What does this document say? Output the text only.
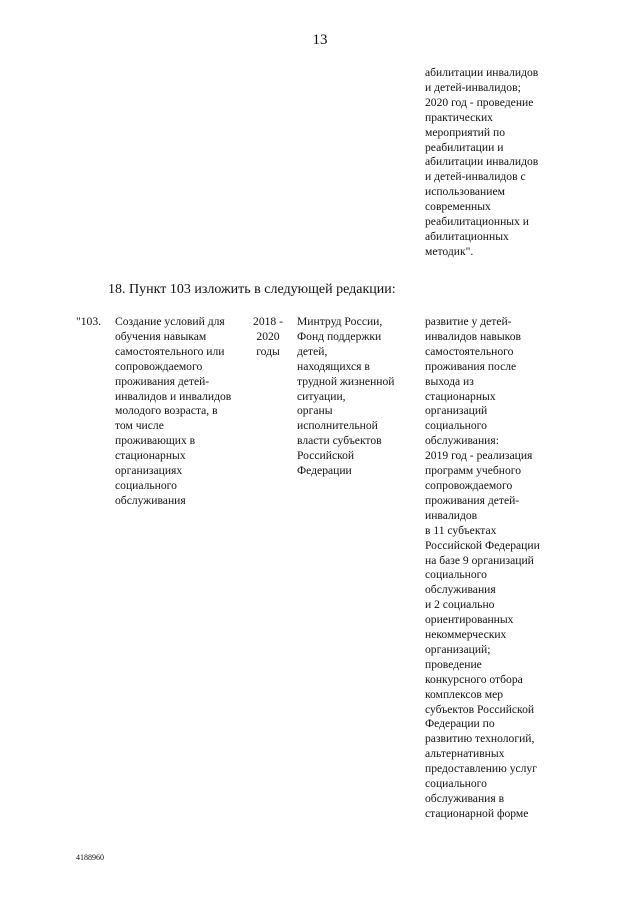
13
абилитации инвалидов
и детей-инвалидов;
2020 год - проведение
практических
мероприятий по
реабилитации и
абилитации инвалидов
и детей-инвалидов с
использованием
современных
реабилитационных и
абилитационных
методик".
18. Пункт 103 изложить в следующей редакции:
"103.	Создание условий для
обучения навыкам
самостоятельного или
сопровождаемого
проживания детей-
инвалидов и инвалидов
молодого возраста, в
том числе
проживающих в
стационарных
организациях
социального
обслуживания
2018 -
2020
годы
Минтруд России,
Фонд поддержки
детей,
находящихся в
трудной жизненной
ситуации,
органы
исполнительной
власти субъектов
Российской
Федерации
развитие у детей-
инвалидов навыков
самостоятельного
проживания после
выхода из
стационарных
организаций
социального
обслуживания:
2019 год - реализация
программ учебного
сопровождаемого
проживания детей-
инвалидов
в 11 субъектах
Российской Федерации
на базе 9 организаций
социального
обслуживания
и 2 социально
ориентированных
некоммерческих
организаций;
проведение
конкурсного отбора
комплексов мер
субъектов Российской
Федерации по
развитию технологий,
альтернативных
предоставлению услуг
социального
обслуживания в
стационарной форме
4188960
